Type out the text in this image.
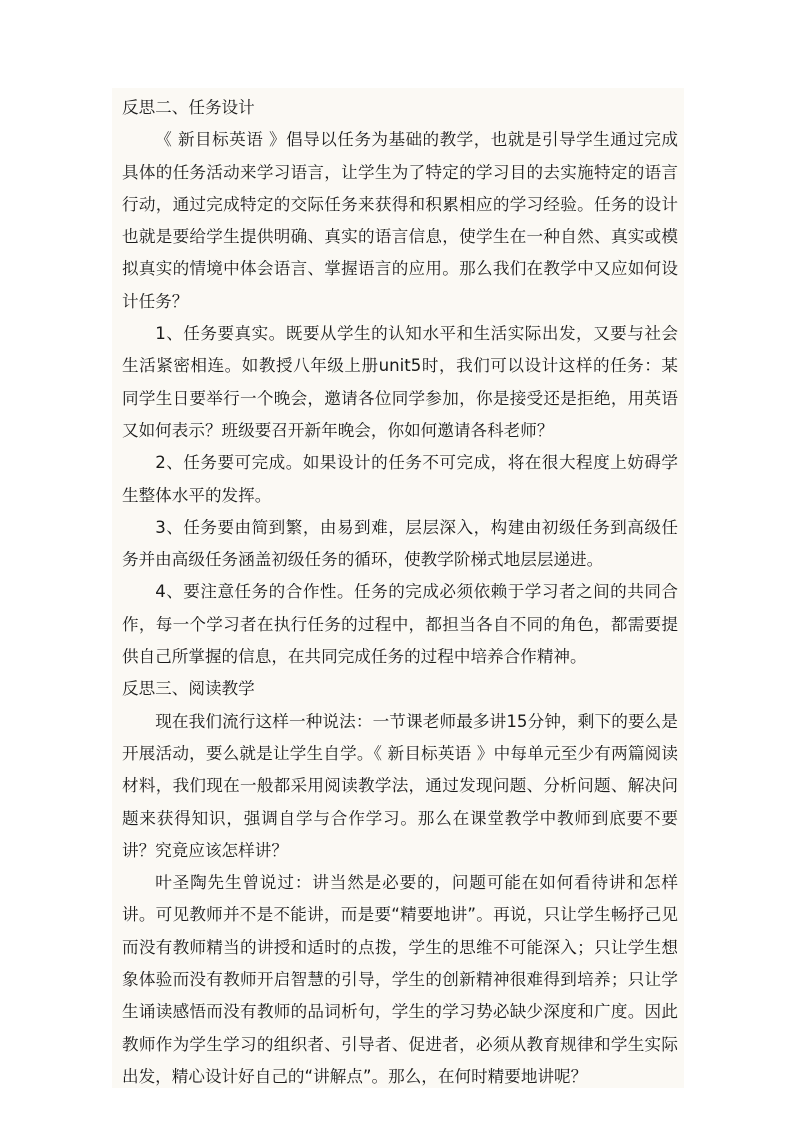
反思二、任务设计

《 新目标英语 》倡导以任务为基础的教学，也就是引导学生通过完成具体的任务活动来学习语言，让学生为了特定的学习目的去实施特定的语言行动，通过完成特定的交际任务来获得和积累相应的学习经验。任务的设计也就是要给学生提供明确、真实的语言信息，使学生在一种自然、真实或模拟真实的情境中体会语言、掌握语言的应用。那么我们在教学中又应如何设计任务？

1、任务要真实。既要从学生的认知水平和生活实际出发，又要与社会生活紧密相连。如教授八年级上册unit5时，我们可以设计这样的任务：某同学生日要举行一个晚会，邀请各位同学参加，你是接受还是拒绝，用英语又如何表示？班级要召开新年晚会，你如何邀请各科老师？

2、任务要可完成。如果设计的任务不可完成，将在很大程度上妨碍学生整体水平的发挥。

3、任务要由简到繁，由易到难，层层深入，构建由初级任务到高级任务并由高级任务涵盖初级任务的循环，使教学阶梯式地层层递进。

4、要注意任务的合作性。任务的完成必须依赖于学习者之间的共同合作，每一个学习者在执行任务的过程中，都担当各自不同的角色，都需要提供自己所掌握的信息，在共同完成任务的过程中培养合作精神。

反思三、阅读教学

现在我们流行这样一种说法：一节课老师最多讲15分钟，剩下的要么是开展活动，要么就是让学生自学。《 新目标英语 》中每单元至少有两篇阅读材料，我们现在一般都采用阅读教学法，通过发现问题、分析问题、解决问题来获得知识，强调自学与合作学习。那么在课堂教学中教师到底要不要讲？究竟应该怎样讲？

叶圣陶先生曾说过：讲当然是必要的，问题可能在如何看待讲和怎样讲。可见教师并不是不能讲，而是要“精要地讲”。再说，只让学生畅抒己见而没有教师精当的讲授和适时的点拨，学生的思维不可能深入；只让学生想象体验而没有教师开启智慧的引导，学生的创新精神很难得到培养；只让学生诵读感悟而没有教师的品词析句，学生的学习势必缺少深度和广度。因此教师作为学生学习的组织者、引导者、促进者，必须从教育规律和学生实际出发，精心设计好自己的“讲解点”。那么，在何时精要地讲呢？
